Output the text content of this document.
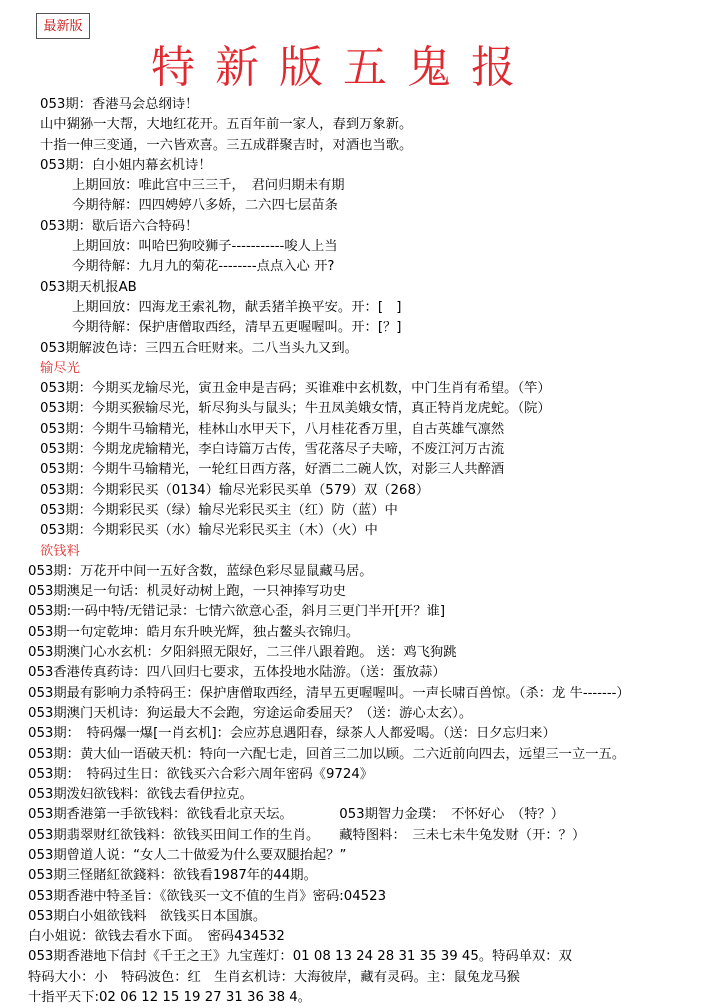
最新版
特新版五鬼报
053期：香港马会总纲诗！
山中猢狲一大帮，大地红花开。五百年前一家人，春到万象新。
十指一伸三变通，一六皆欢喜。三五成群聚吉时，对酒也当歌。
053期：白小姐内幕玄机诗！
上期回放：唯此宫中三三千，　君问归期未有期
今期待解：四四娉婷八多娇，二六四七层苗条
053期：歇后语六合特码！
上期回放：叫哈巴狗咬狮子-----------唆人上当
今期待解：九月九的菊花--------点点入心 开?
053期天机报AB
上期回放：四海龙王索礼物，献丢猪羊换平安。开：[　]
今期待解：保护唐僧取西经，清早五更喔喔叫。开：[？]
053期解波色诗：三四五合旺财来。二八当头九又到。
输尽光
053期：今期买龙输尽光，寅丑金申是吉码；买谁难中玄机数，中门生肖有希望。（竿）
053期：今期买猴输尽光，斩尽狗头与鼠头；牛丑凤美娥女情，真正特肖龙虎蛇。（院）
053期：今期牛马输精光，桂林山水甲天下，八月桂花香万里，自古英雄气凛然
053期：今期龙虎输精光，李白诗篇万古传，雪花落尽子夫啼，不废江河万古流
053期：今期牛马输精光，一轮红日西方落，好酒二二碗人饮，对影三人共醉酒
053期：今期彩民买（0134）输尽光彩民买单（579）双（268）
053期：今期彩民买（绿）输尽光彩民买主（红）防（蓝）中
053期：今期彩民买（水）输尽光彩民买主（木）（火）中
欲钱料
053期：万花开中间一五好含数，蓝绿色彩尽显鼠藏马居。
053期澳足一句话：机灵好动树上跑，一只神捧写功史
053期:一码中特/无错记录：七情六欲意心歪，斜月三更门半开[开？谁]
053期一句定乾坤：皓月东升映光辉，独占鳌头衣锦归。
053期澳门心水玄机：夕阳斜照无限好，二三伴八跟着跑。 送：鸡飞狗跳
053香港传真药诗：四八回归七要求，五体投地水陆游。（送：蛋放蒜）
053期最有影响力杀特码王：保护唐僧取西经，清早五更喔喔叫。一声长啸百兽惊。（杀：龙 牛-------）
053期澳门天机诗：狗运最大不会跑，穷途运命委屈天？（送：游心太玄）。
053期：　特码爆一爆[一肖玄机]：会应苏息遇阳春，绿茶人人都爱喝。（送：日夕忘归来）
053期：黄大仙一语破天机：特向一六配七走，回首三二加以顾。二六近前向四去，远望三一立一五。
053期：　特码过生日：欲钱买六合彩六周年密码《9724》
053期泼妇欲钱料：欲钱去看伊拉克。
053期香港第一手欲钱料：欲钱看北京天坛。　　　　053期智力金璞：　不怀好心　（特？）
053期翡翠财红欲钱料：欲钱买田间工作的生肖。　　藏特图料：　三未七未牛兔发财（开：？）
053期曾道人说：“女人二十做爱为什么要双腿抬起？”
053期三怪賭紅欲錢料：欲钱看1987年的44期。
053期香港中特圣旨：《欲钱买一文不值的生肖》密码:04523
053期白小姐欲钱料　欲钱买日本国旗。
白小姐说：欲钱去看水下面。　密码434532
053期香港地下信封《千王之王》九宝莲灯：01 08 13 24 28 31 35 39 45。特码单双：双
特码大小：小　特码波色：红　生肖玄机诗：大海彼岸，藏有灵码。主：鼠兔龙马猴
十指平天下:02 06 12 15 19 27 31 36 38 4。
